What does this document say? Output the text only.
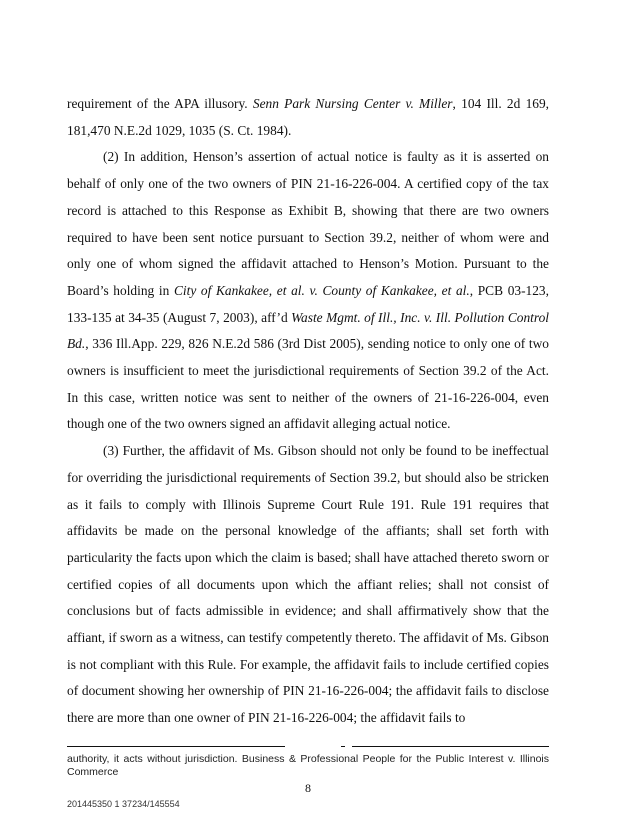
requirement of the APA illusory. Senn Park Nursing Center v. Miller, 104 Ill. 2d 169, 181,470 N.E.2d 1029, 1035 (S. Ct. 1984).

(2) In addition, Henson’s assertion of actual notice is faulty as it is asserted on behalf of only one of the two owners of PIN 21-16-226-004. A certified copy of the tax record is attached to this Response as Exhibit B, showing that there are two owners required to have been sent notice pursuant to Section 39.2, neither of whom were and only one of whom signed the affidavit attached to Henson’s Motion. Pursuant to the Board’s holding in City of Kankakee, et al. v. County of Kankakee, et al., PCB 03-123, 133-135 at 34-35 (August 7, 2003), aff’d Waste Mgmt. of Ill., Inc. v. Ill. Pollution Control Bd., 336 Ill.App. 229, 826 N.E.2d 586 (3rd Dist 2005), sending notice to only one of two owners is insufficient to meet the jurisdictional requirements of Section 39.2 of the Act. In this case, written notice was sent to neither of the owners of 21-16-226-004, even though one of the two owners signed an affidavit alleging actual notice.

(3) Further, the affidavit of Ms. Gibson should not only be found to be ineffectual for overriding the jurisdictional requirements of Section 39.2, but should also be stricken as it fails to comply with Illinois Supreme Court Rule 191. Rule 191 requires that affidavits be made on the personal knowledge of the affiants; shall set forth with particularity the facts upon which the claim is based; shall have attached thereto sworn or certified copies of all documents upon which the affiant relies; shall not consist of conclusions but of facts admissible in evidence; and shall affirmatively show that the affiant, if sworn as a witness, can testify competently thereto. The affidavit of Ms. Gibson is not compliant with this Rule. For example, the affidavit fails to include certified copies of document showing her ownership of PIN 21-16-226-004; the affidavit fails to disclose there are more than one owner of PIN 21-16-226-004; the affidavit fails to

authority, it acts without jurisdiction. Business & Professional People for the Public Interest v. Illinois Commerce
8
201445350 1 37234/145554
